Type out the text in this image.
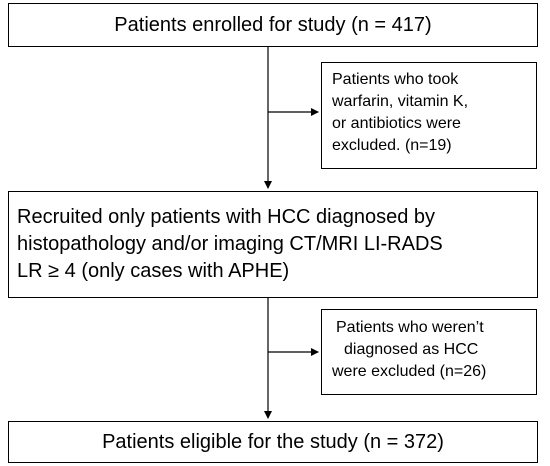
Patients enrolled for study (n = 417)
Patients who took
warfarin, vitamin K,
or antibiotics were
excluded. (n=19)
Recruited only patients with HCC diagnosed by
histopathology and/or imaging CT/MRI LI-RADS
LR ≥ 4 (only cases with APHE)
Patients who weren’t
diagnosed as HCC
were excluded (n=26)
Patients eligible for the study (n = 372)
